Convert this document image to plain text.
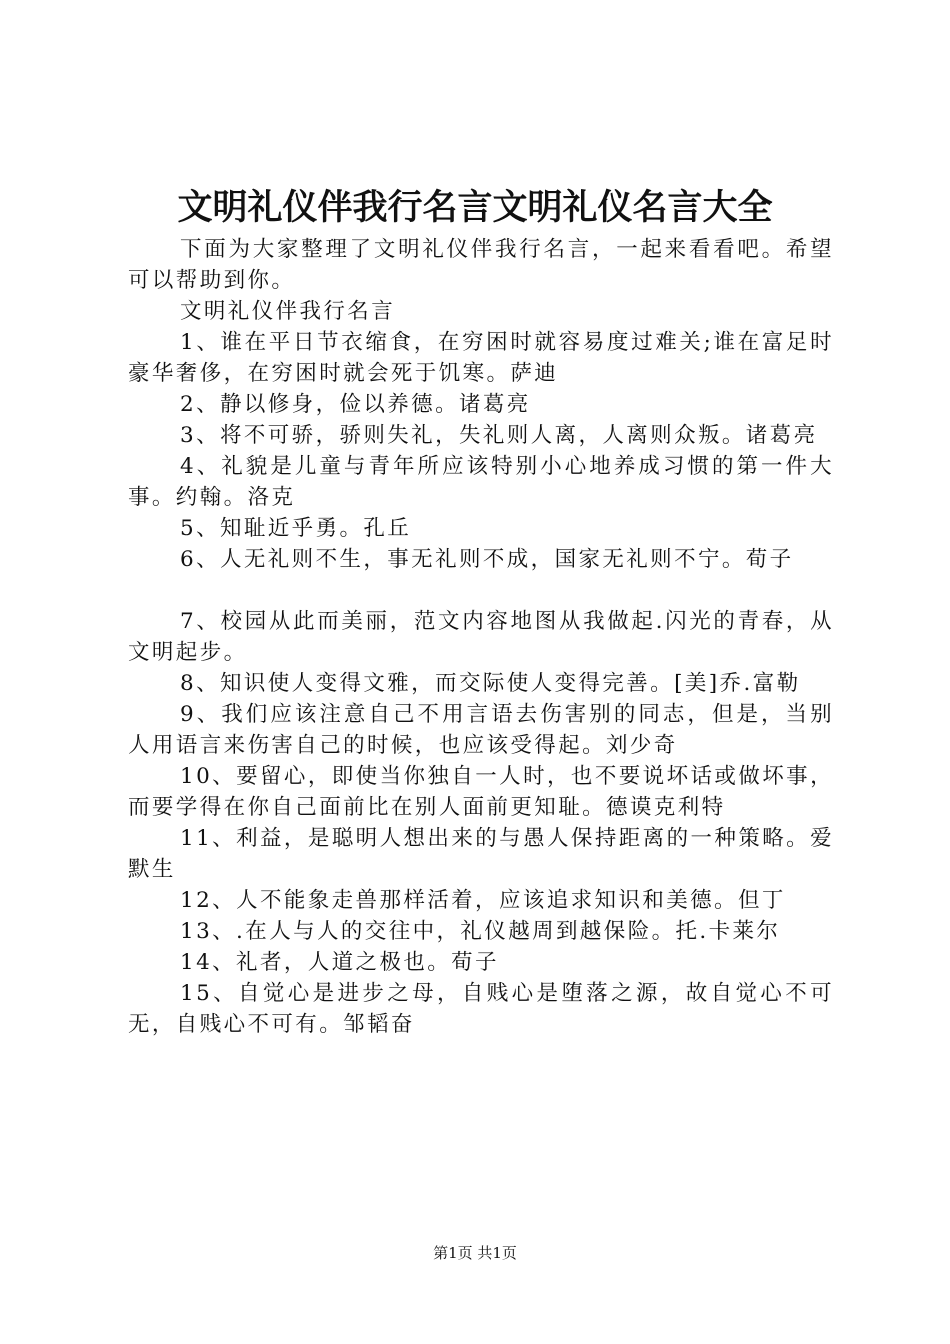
文明礼仪伴我行名言文明礼仪名言大全

下面为大家整理了文明礼仪伴我行名言，一起来看看吧。希望可以帮助到你。

文明礼仪伴我行名言

1、谁在平日节衣缩食，在穷困时就容易度过难关;谁在富足时豪华奢侈，在穷困时就会死于饥寒。萨迪

2、静以修身，俭以养德。诸葛亮

3、将不可骄，骄则失礼，失礼则人离，人离则众叛。诸葛亮

4、礼貌是儿童与青年所应该特别小心地养成习惯的第一件大事。约翰。洛克

5、知耻近乎勇。孔丘

6、人无礼则不生，事无礼则不成，国家无礼则不宁。荀子

7、校园从此而美丽，范文内容地图从我做起.闪光的青春，从文明起步。

8、知识使人变得文雅，而交际使人变得完善。[美]乔.富勒

9、我们应该注意自己不用言语去伤害别的同志，但是，当别人用语言来伤害自己的时候，也应该受得起。刘少奇

10、要留心，即使当你独自一人时，也不要说坏话或做坏事，而要学得在你自己面前比在别人面前更知耻。德谟克利特

11、利益，是聪明人想出来的与愚人保持距离的一种策略。爱默生

12、人不能象走兽那样活着，应该追求知识和美德。但丁

13、.在人与人的交往中，礼仪越周到越保险。托.卡莱尔

14、礼者，人道之极也。荀子

15、自觉心是进步之母，自贱心是堕落之源，故自觉心不可无，自贱心不可有。邹韬奋

第1页 共1页
